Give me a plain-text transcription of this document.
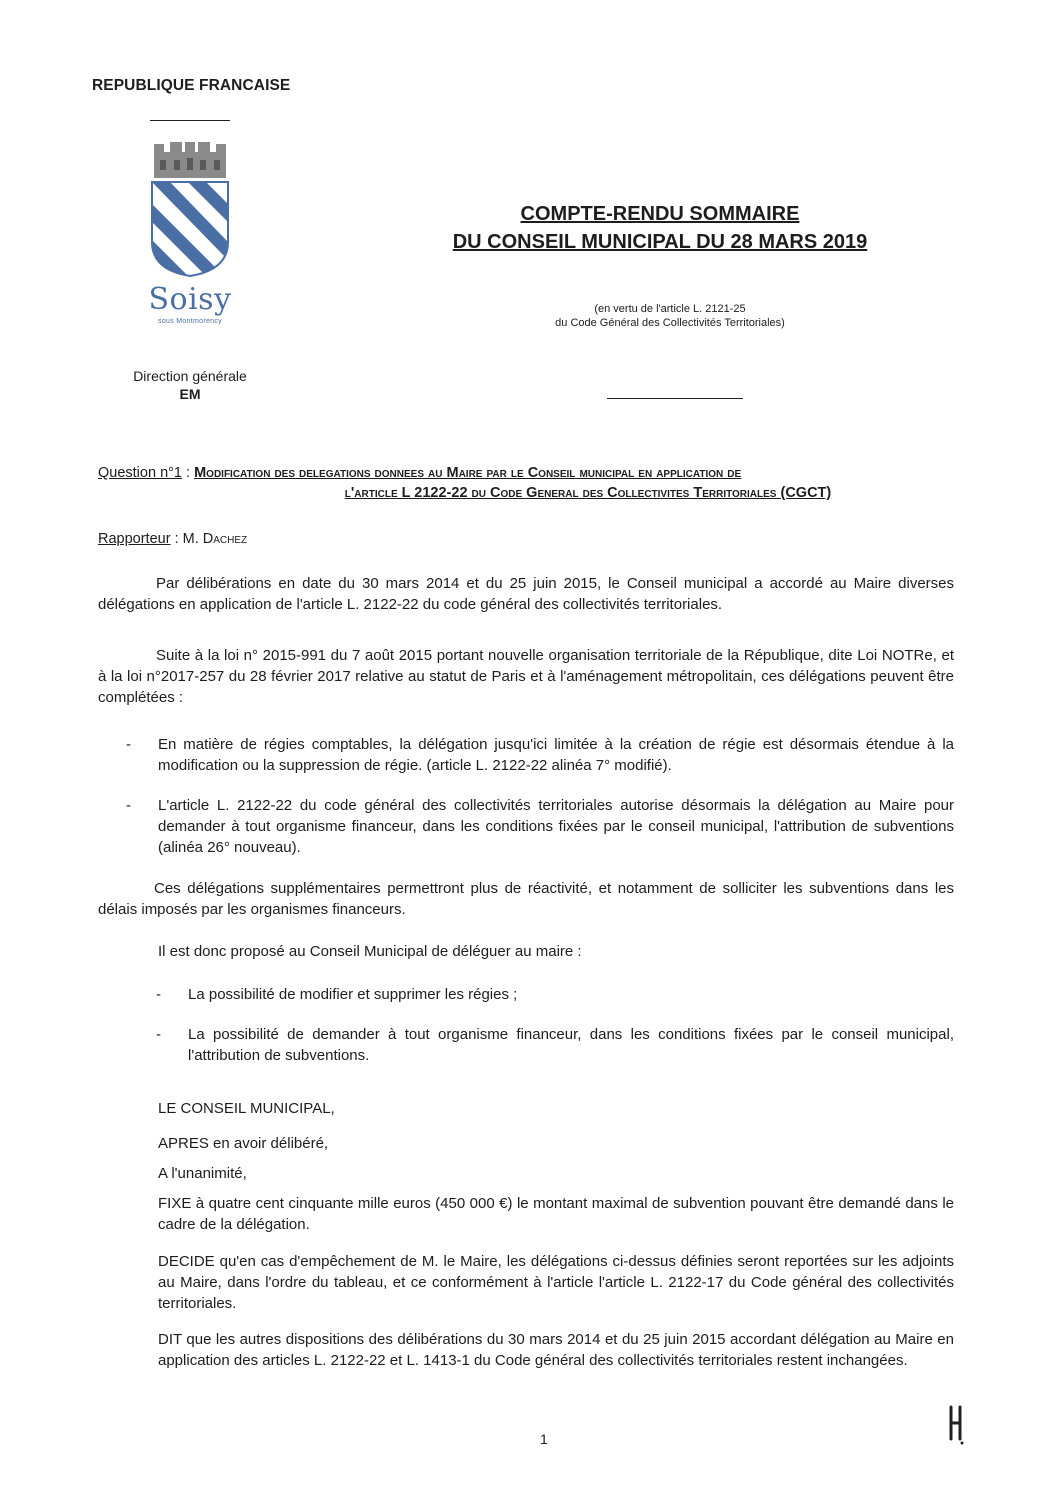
REPUBLIQUE FRANCAISE
Soisy
sous Montmorency
Direction générale
EM
COMPTE-RENDU SOMMAIRE
DU CONSEIL MUNICIPAL DU 28 MARS 2019
(en vertu de l'article L. 2121-25
du Code Général des Collectivités Territoriales)
Question n°1 : Modification des delegations donnees au Maire par le Conseil municipal en application de
l'article L 2122-22 du Code General des Collectivites Territoriales (CGCT)
Rapporteur : M. Dachez
Par délibérations en date du 30 mars 2014 et du 25 juin 2015, le Conseil municipal a accordé au Maire diverses délégations en application de l'article L. 2122-22 du code général des collectivités territoriales.
Suite à la loi n° 2015-991 du 7 août 2015 portant nouvelle organisation territoriale de la République, dite Loi NOTRe, et à la loi n°2017-257 du 28 février 2017 relative au statut de Paris et à l'aménagement métropolitain, ces délégations peuvent être complétées :
- En matière de régies comptables, la délégation jusqu'ici limitée à la création de régie est désormais étendue à la modification ou la suppression de régie. (article L. 2122-22 alinéa 7° modifié).
- L'article L. 2122-22 du code général des collectivités territoriales autorise désormais la délégation au Maire pour demander à tout organisme financeur, dans les conditions fixées par le conseil municipal, l'attribution de subventions (alinéa 26° nouveau).
Ces délégations supplémentaires permettront plus de réactivité, et notamment de solliciter les subventions dans les délais imposés par les organismes financeurs.
Il est donc proposé au Conseil Municipal de déléguer au maire :
- La possibilité de modifier et supprimer les régies ;
- La possibilité de demander à tout organisme financeur, dans les conditions fixées par le conseil municipal, l'attribution de subventions.
LE CONSEIL MUNICIPAL,
APRES en avoir délibéré,
A l'unanimité,
FIXE à quatre cent cinquante mille euros (450 000 €) le montant maximal de subvention pouvant être demandé dans le cadre de la délégation.
DECIDE qu'en cas d'empêchement de M. le Maire, les délégations ci-dessus définies seront reportées sur les adjoints au Maire, dans l'ordre du tableau, et ce conformément à l'article l'article L. 2122-17 du Code général des collectivités territoriales.
DIT que les autres dispositions des délibérations du 30 mars 2014 et du 25 juin 2015 accordant délégation au Maire en application des articles L. 2122-22 et L. 1413-1 du Code général des collectivités territoriales restent inchangées.
1
